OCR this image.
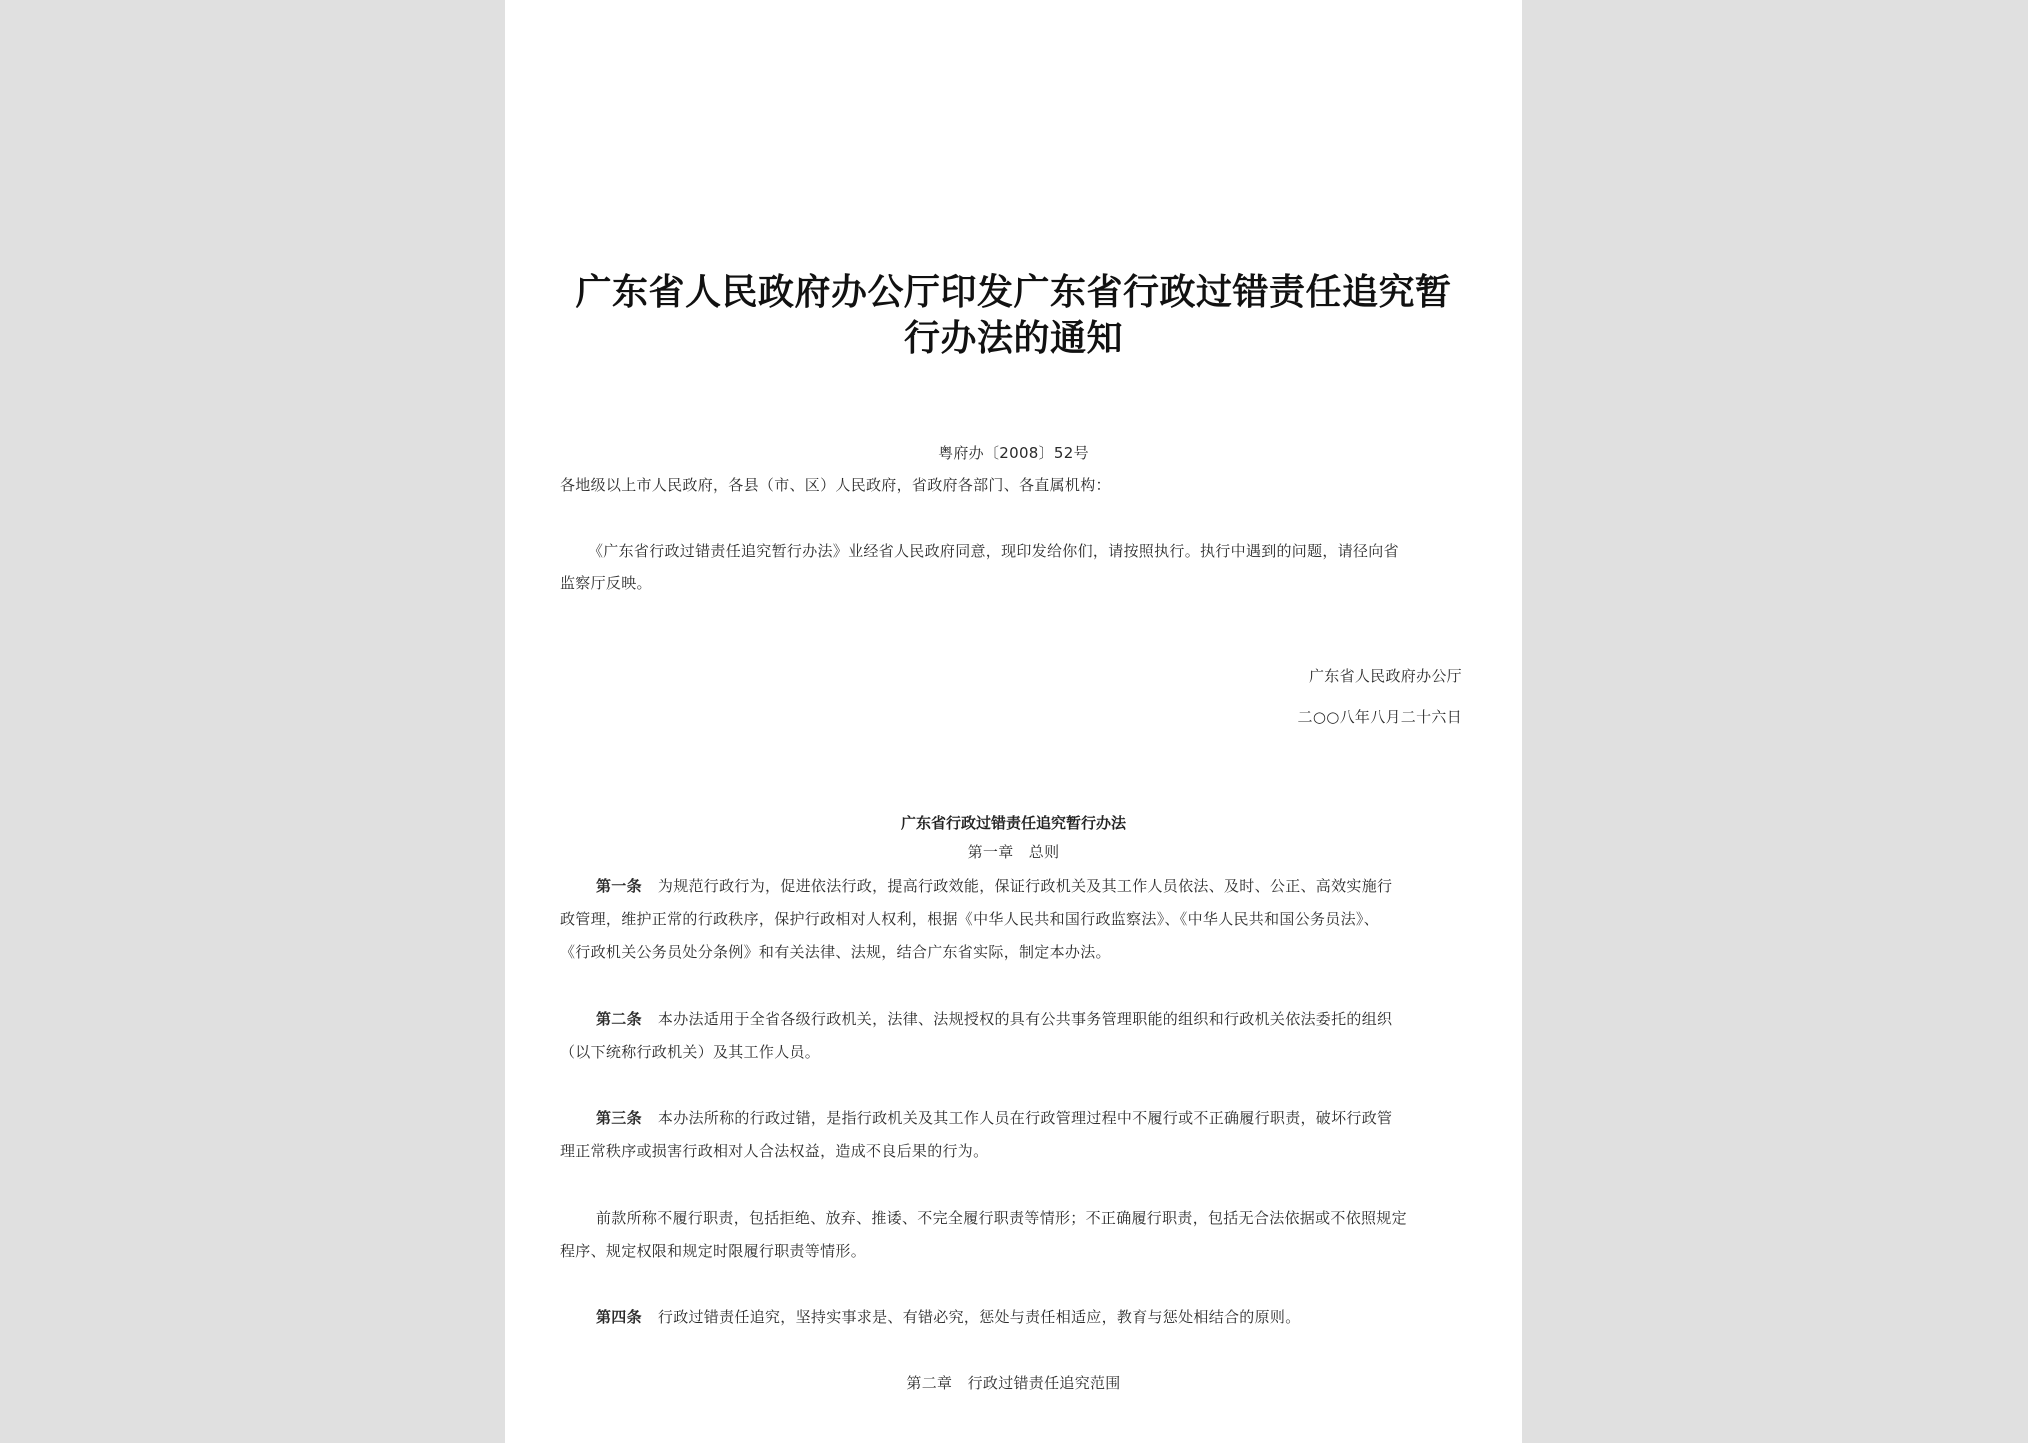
广东省人民政府办公厅印发广东省行政过错责任追究暂
行办法的通知
粤府办〔2008〕52号
各地级以上市人民政府，各县（市、区）人民政府，省政府各部门、各直属机构：
《广东省行政过错责任追究暂行办法》业经省人民政府同意，现印发给你们，请按照执行。执行中遇到的问题，请径向省
监察厅反映。
广东省人民政府办公厅
二○○八年八月二十六日
广东省行政过错责任追究暂行办法
第一章　总则
第一条 为规范行政行为，促进依法行政，提高行政效能，保证行政机关及其工作人员依法、及时、公正、高效实施行
政管理，维护正常的行政秩序，保护行政相对人权利，根据《中华人民共和国行政监察法》、《中华人民共和国公务员法》、
《行政机关公务员处分条例》和有关法律、法规，结合广东省实际，制定本办法。
第二条 本办法适用于全省各级行政机关，法律、法规授权的具有公共事务管理职能的组织和行政机关依法委托的组织
（以下统称行政机关）及其工作人员。
第三条 本办法所称的行政过错，是指行政机关及其工作人员在行政管理过程中不履行或不正确履行职责，破坏行政管
理正常秩序或损害行政相对人合法权益，造成不良后果的行为。
前款所称不履行职责，包括拒绝、放弃、推诿、不完全履行职责等情形；不正确履行职责，包括无合法依据或不依照规定
程序、规定权限和规定时限履行职责等情形。
第四条 行政过错责任追究，坚持实事求是、有错必究，惩处与责任相适应，教育与惩处相结合的原则。
第二章　行政过错责任追究范围
